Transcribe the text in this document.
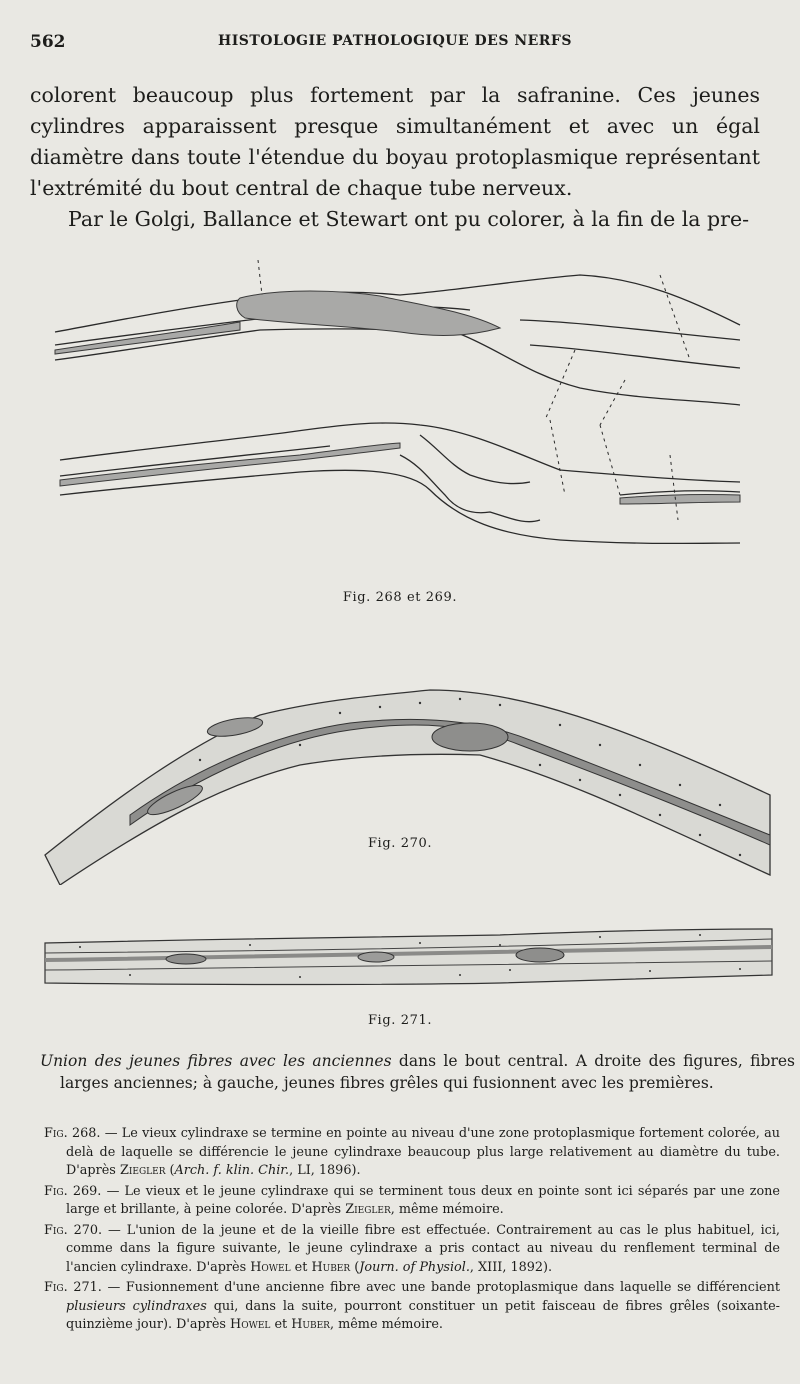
562	HISTOLOGIE PATHOLOGIQUE DES NERFS

colorent beaucoup plus fortement par la safranine. Ces jeunes cylindres apparaissent presque simultanément et avec un égal diamètre dans toute l'étendue du boyau protoplasmique représentant l'extrémité du bout central de chaque tube nerveux.

Par le Golgi, Ballance et Stewart ont pu colorer, à la fin de la pre-

Fig. 268 et 269.
Fig. 270.
Fig. 271.
Union des jeunes fibres avec les anciennes dans le bout central. A droite des figures, fibres larges anciennes; à gauche, jeunes fibres grêles qui fusionnent avec les premières.

Fig. 268. — Le vieux cylindraxe se termine en pointe au niveau d'une zone protoplasmique fortement colorée, au delà de laquelle se différencie le jeune cylindraxe beaucoup plus large relativement au diamètre du tube. D'après Ziegler (Arch. f. klin. Chir., LI, 1896).

Fig. 269. — Le vieux et le jeune cylindraxe qui se terminent tous deux en pointe sont ici séparés par une zone large et brillante, à peine colorée. D'après Ziegler, même mémoire.

Fig. 270. — L'union de la jeune et de la vieille fibre est effectuée. Contrairement au cas le plus habituel, ici, comme dans la figure suivante, le jeune cylindraxe a pris contact au niveau du renflement terminal de l'ancien cylindraxe. D'après Howel et Huber (Journ. of Physiol., XIII, 1892).

Fig. 271. — Fusionnement d'une ancienne fibre avec une bande protoplasmique dans laquelle se différencient plusieurs cylindraxes qui, dans la suite, pourront constituer un petit faisceau de fibres grêles (soixante-quinzième jour). D'après Howel et Huber, même mémoire.
